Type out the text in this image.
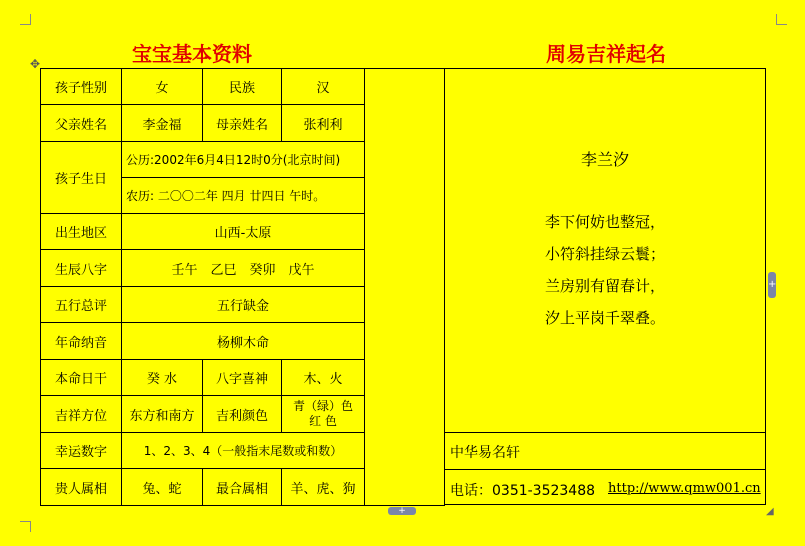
宝宝基本资料	周易吉祥起名
✥
孩子性别	女	民族	汉	
父亲姓名	李金福	母亲姓名	张利利	
孩子生日	公历:2002年6月4日12时0分(北京时间)			
	农历: 二〇〇二年 四月 廿四日 午时。			
出生地区	山西-太原			
生辰八字	壬午　乙巳　癸卯　戊午			
五行总评	五行缺金			
年命纳音	杨柳木命			
本命日干	癸 水	八字喜神	木、火	
吉祥方位	东方和南方	吉利颜色	青（绿）色
红 色	
幸运数字	1、2、3、4（一般指末尾数或和数）			
贵人属相	兔、蛇	最合属相	羊、虎、狗	
李兰汐
李下何妨也整冠，
小符斜挂绿云鬟；
兰房别有留春计，
汐上平岗千翠叠。
中华易名轩
电话：0351-3523488 http://www.qmw001.cn
+
+	◢
